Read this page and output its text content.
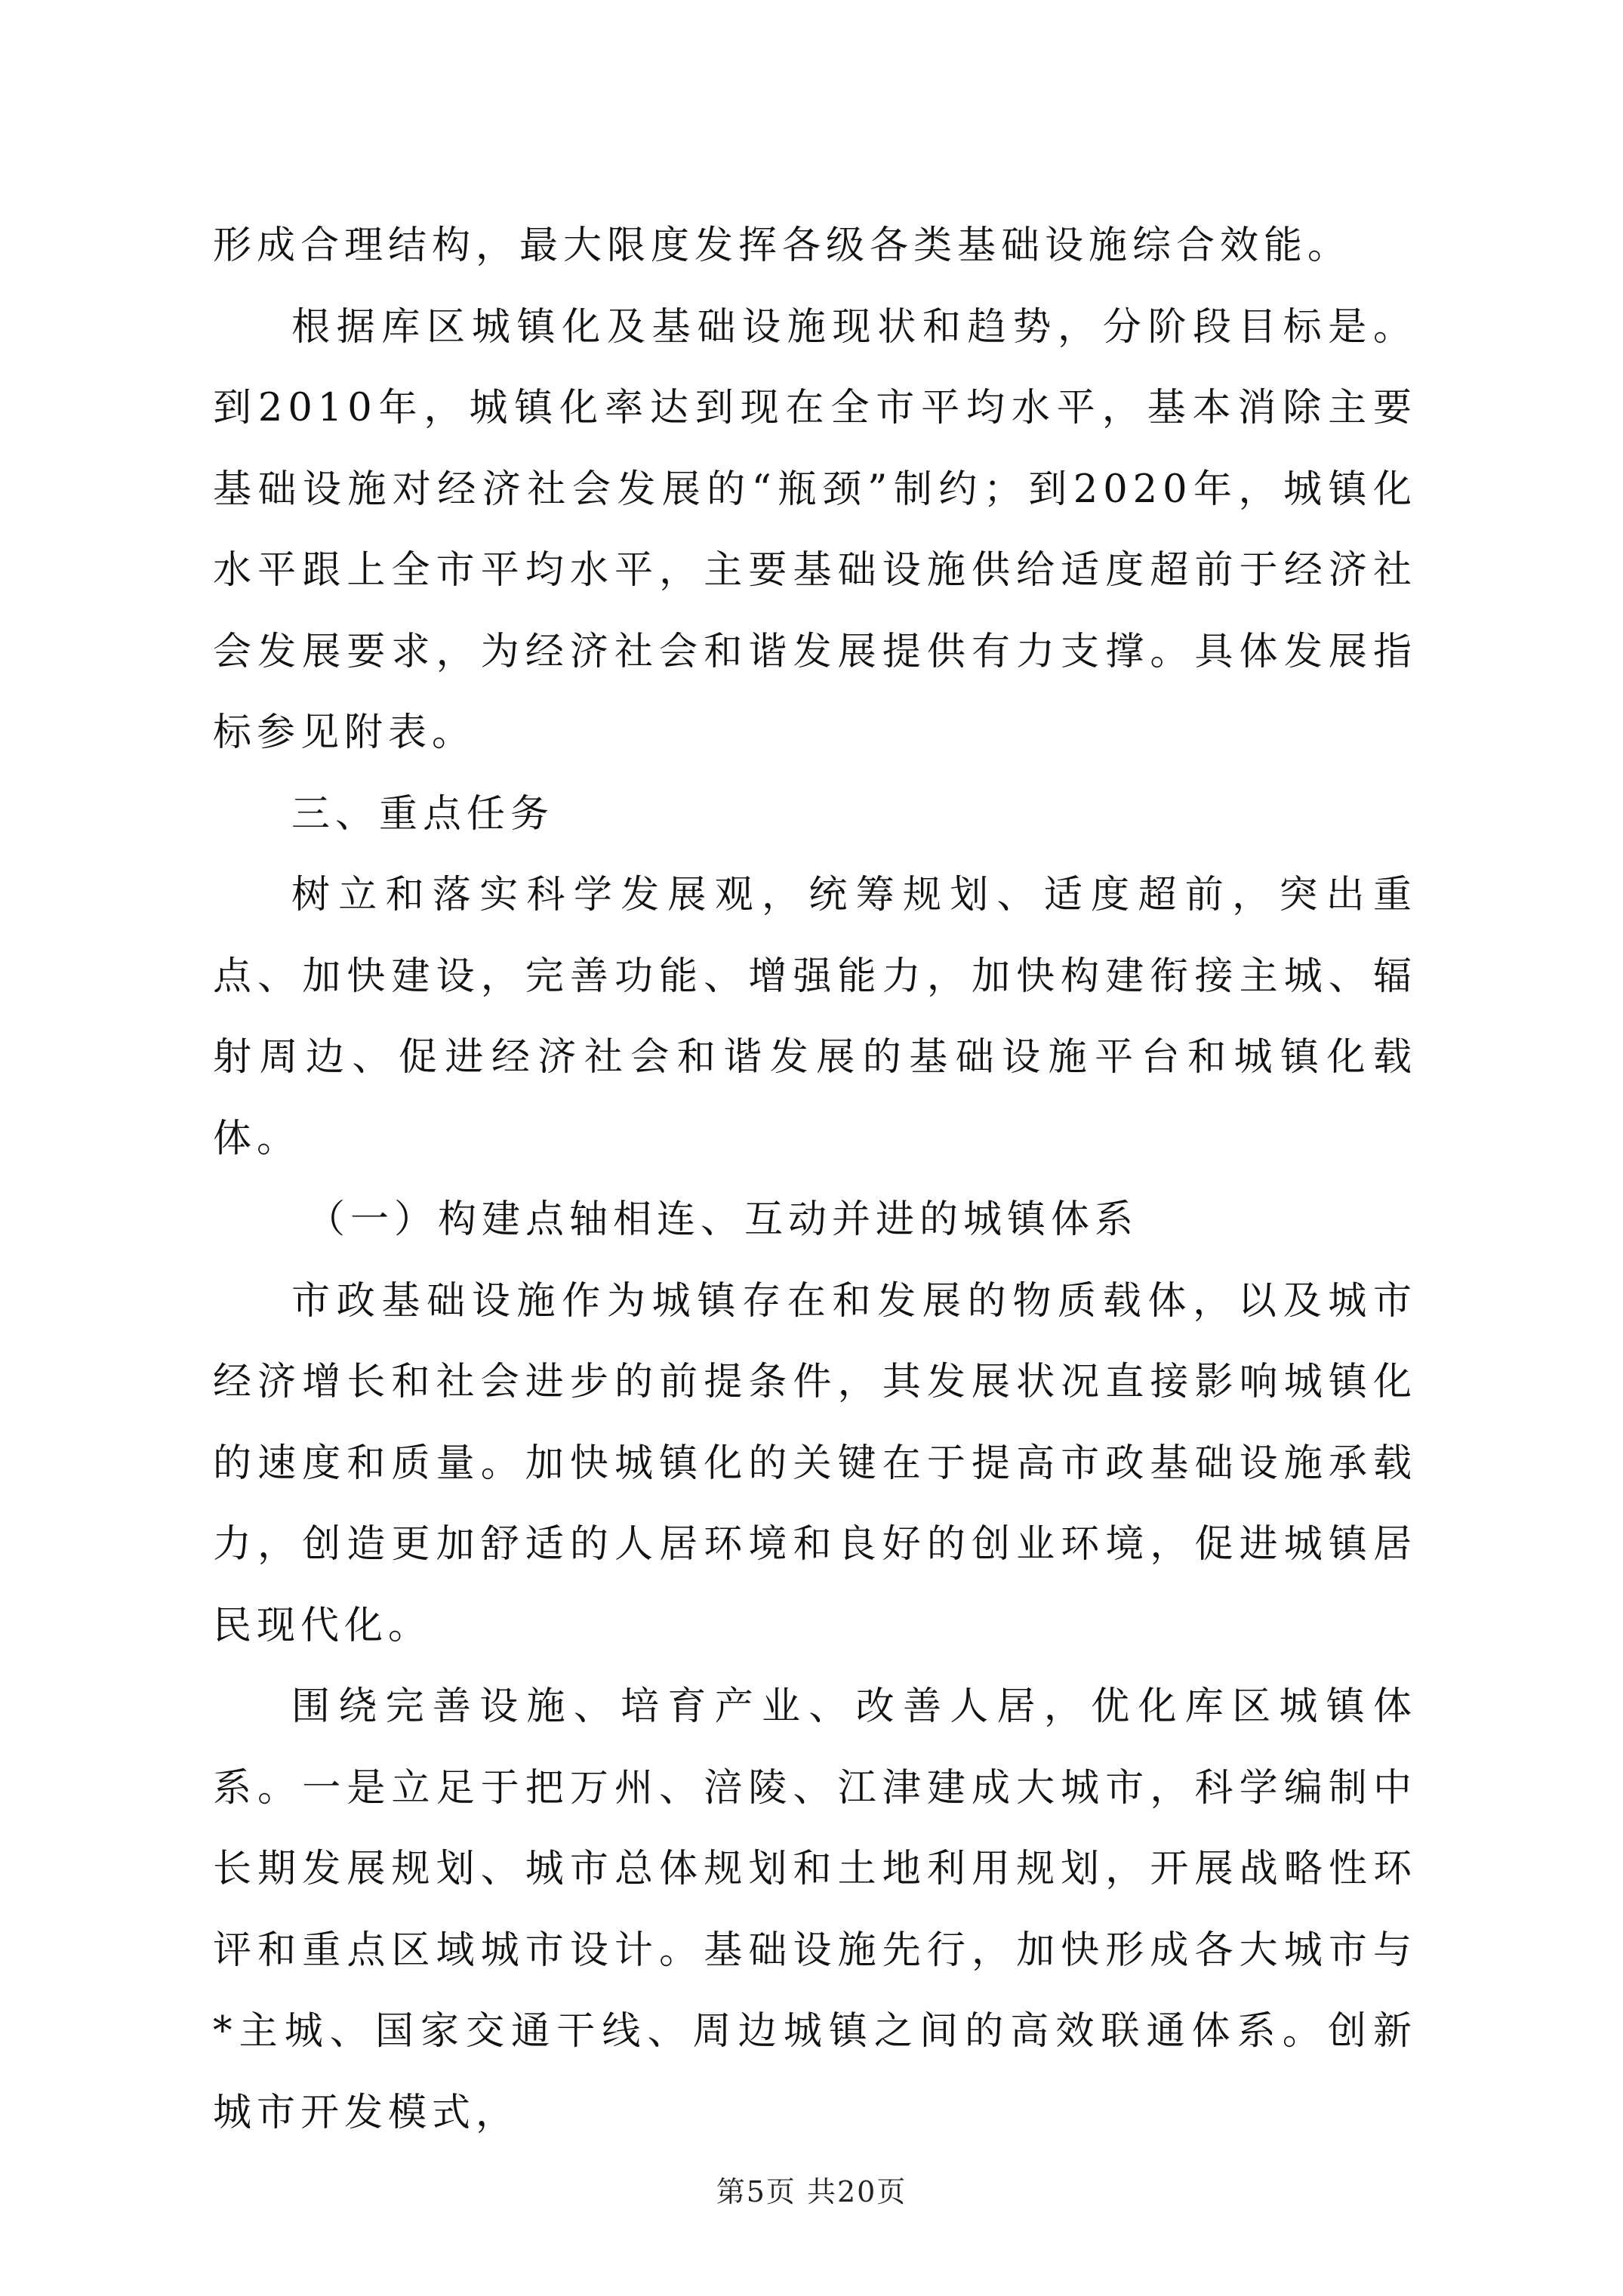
形成合理结构，最大限度发挥各级各类基础设施综合效能。

根据库区城镇化及基础设施现状和趋势，分阶段目标是。到2010年，城镇化率达到现在全市平均水平，基本消除主要基础设施对经济社会发展的“瓶颈”制约；到2020年，城镇化水平跟上全市平均水平，主要基础设施供给适度超前于经济社会发展要求，为经济社会和谐发展提供有力支撑。具体发展指标参见附表。

三、重点任务

树立和落实科学发展观，统筹规划、适度超前，突出重点、加快建设，完善功能、增强能力，加快构建衔接主城、辐射周边、促进经济社会和谐发展的基础设施平台和城镇化载体。

（一）构建点轴相连、互动并进的城镇体系

市政基础设施作为城镇存在和发展的物质载体，以及城市经济增长和社会进步的前提条件，其发展状况直接影响城镇化的速度和质量。加快城镇化的关键在于提高市政基础设施承载力，创造更加舒适的人居环境和良好的创业环境，促进城镇居民现代化。

围绕完善设施、培育产业、改善人居，优化库区城镇体系。一是立足于把万州、涪陵、江津建成大城市，科学编制中长期发展规划、城市总体规划和土地利用规划，开展战略性环评和重点区域城市设计。基础设施先行，加快形成各大城市与*主城、国家交通干线、周边城镇之间的高效联通体系。创新城市开发模式，

第5页 共20页
